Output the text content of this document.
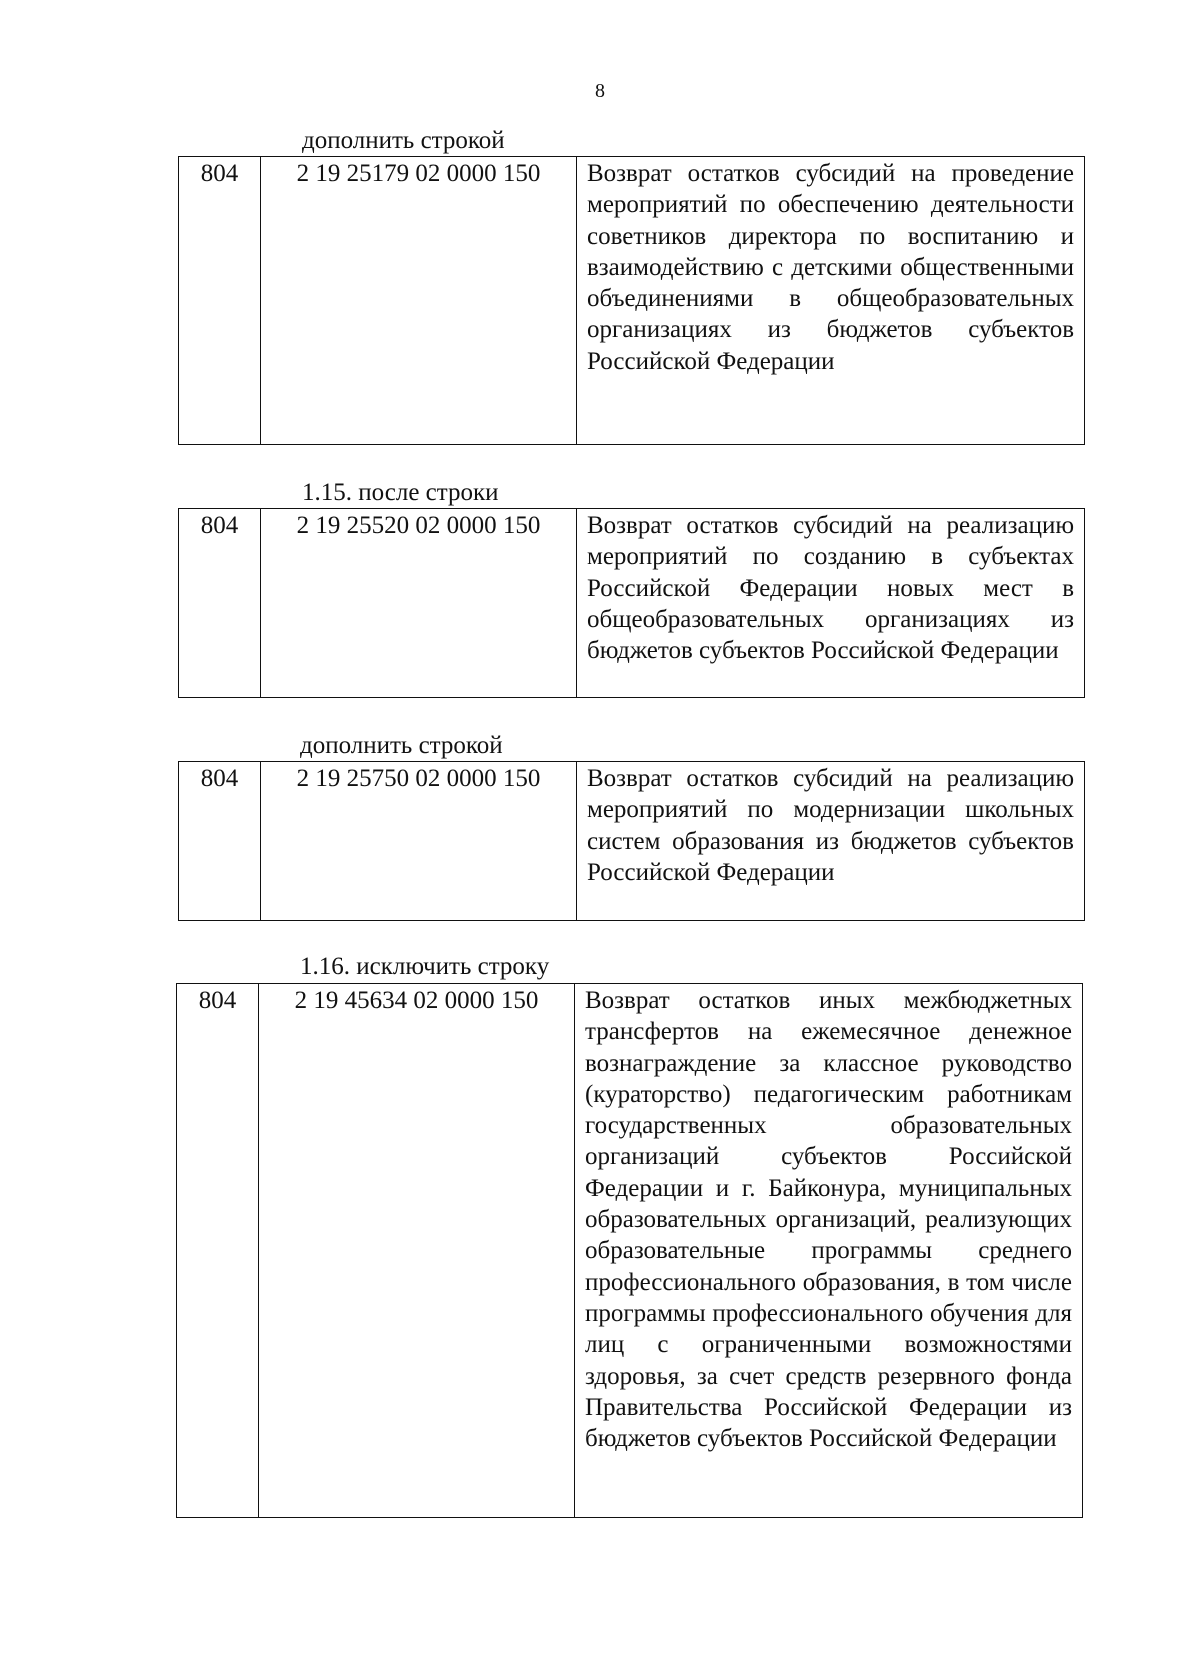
8
дополнить строкой
804	2 19 25179 02 0000 150	Возврат остатков субсидий на проведение мероприятий по обеспечению деятельности советников директора по воспитанию и взаимодействию с детскими общественными объединениями в общеобразовательных организациях из бюджетов субъектов Российской Федерации
1.15. после строки
804	2 19 25520 02 0000 150	Возврат остатков субсидий на реализацию мероприятий по созданию в субъектах Российской Федерации новых мест в общеобразовательных организациях из бюджетов субъектов Российской Федерации
дополнить строкой
804	2 19 25750 02 0000 150	Возврат остатков субсидий на реализацию мероприятий по модернизации школьных систем образования из бюджетов субъектов Российской Федерации
1.16. исключить строку
804	2 19 45634 02 0000 150	Возврат остатков иных межбюджетных трансфертов на ежемесячное денежное вознаграждение за классное руководство (кураторство) педагогическим работникам государственных образовательных организаций субъектов Российской Федерации и г. Байконура, муниципальных образовательных организаций, реализующих образовательные программы среднего профессионального образования, в том числе программы профессионального обучения для лиц с ограниченными возможностями здоровья, за счет средств резервного фонда Правительства Российской Федерации из бюджетов субъектов Российской Федерации
